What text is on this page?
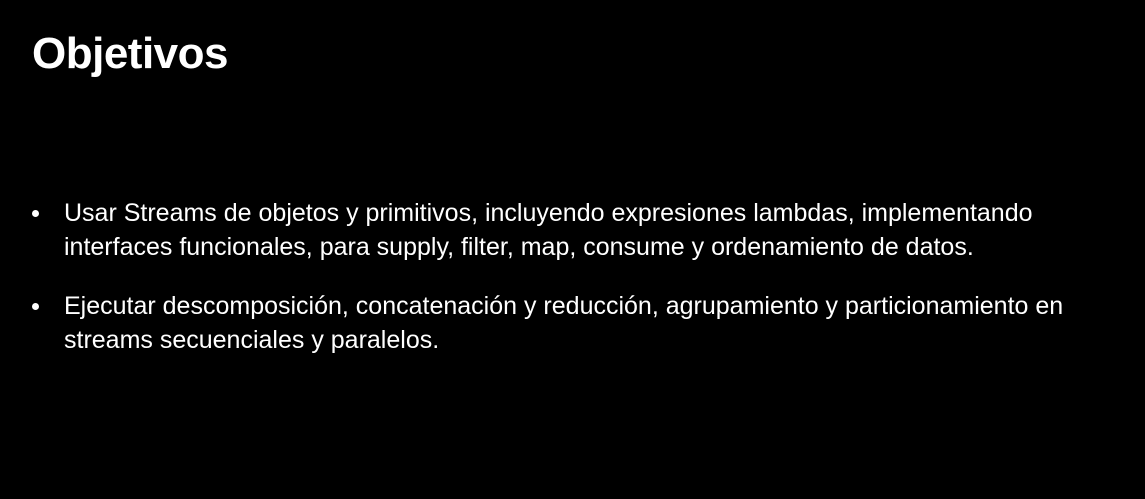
Objetivos
Usar Streams de objetos y primitivos, incluyendo expresiones lambdas, implementando interfaces funcionales, para supply, filter, map, consume y ordenamiento de datos.
Ejecutar descomposición, concatenación y reducción, agrupamiento y particionamiento en streams secuenciales y paralelos.
